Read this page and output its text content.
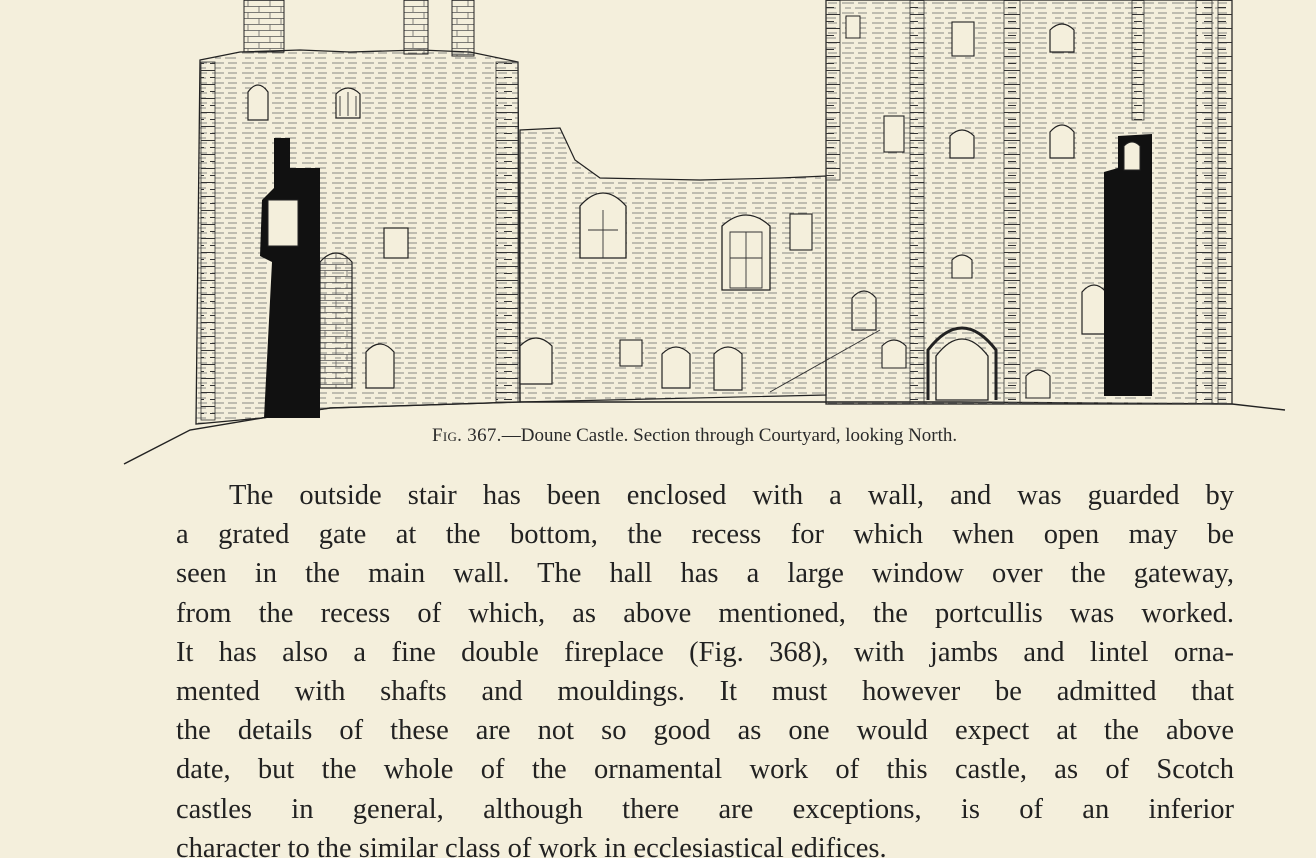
Fig. 367.—Doune Castle. Section through Courtyard, looking North.
The outside stair has been enclosed with a wall, and was guarded by
a grated gate at the bottom, the recess for which when open may be
seen in the main wall. The hall has a large window over the gateway,
from the recess of which, as above mentioned, the portcullis was worked.
It has also a fine double fireplace (Fig. 368), with jambs and lintel orna-
mented with shafts and mouldings. It must however be admitted that
the details of these are not so good as one would expect at the above
date, but the whole of the ornamental work of this castle, as of Scotch
castles in general, although there are exceptions, is of an inferior
character to the similar class of work in ecclesiastical edifices.
